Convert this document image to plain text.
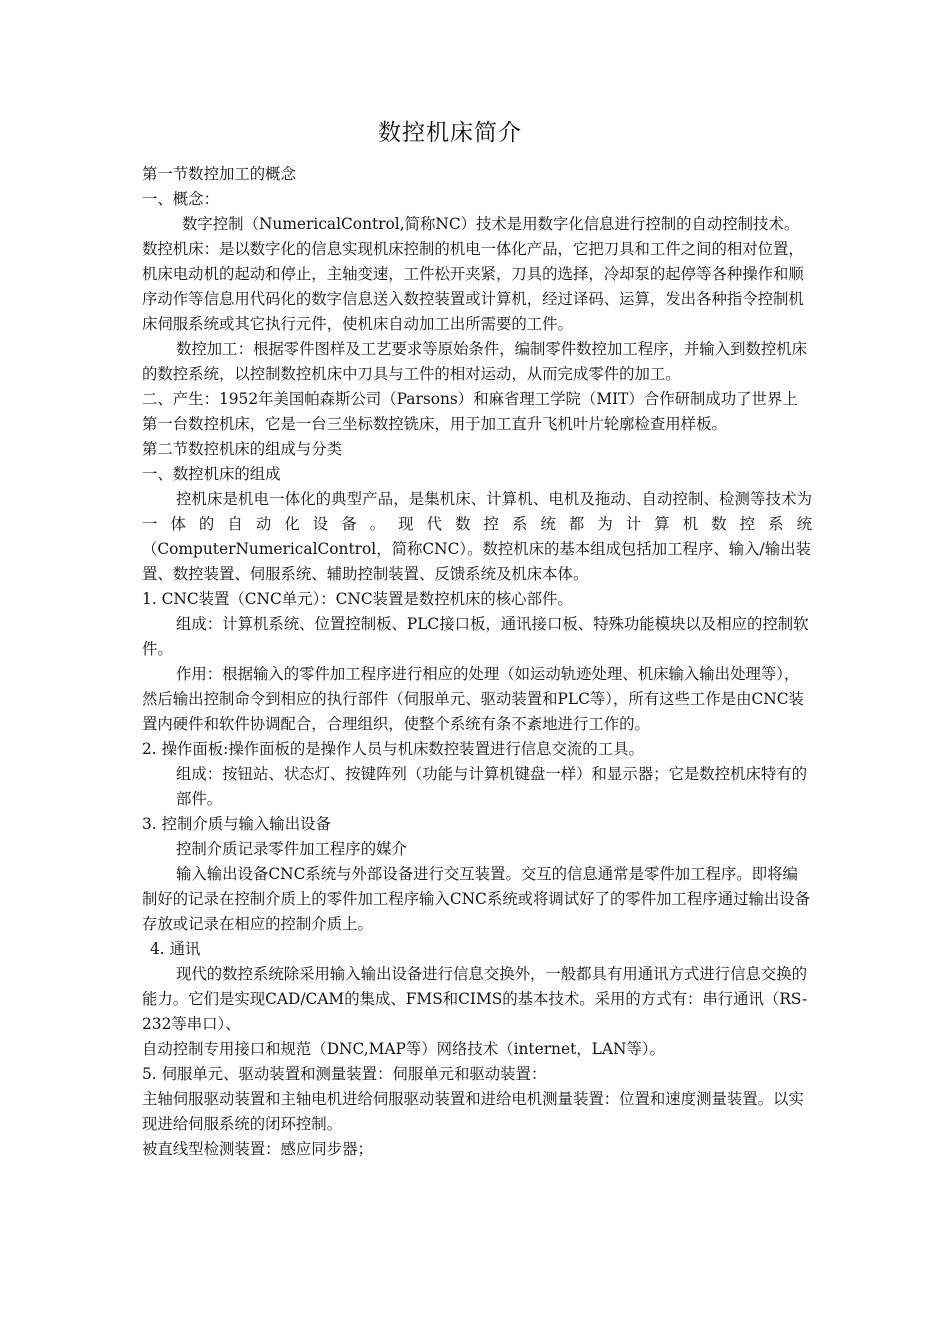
数控机床简介

第一节数控加工的概念

一、概念：

数字控制（NumericalControl,简称NC）技术是用数字化信息进行控制的自动控制技术。数控机床：是以数字化的信息实现机床控制的机电一体化产品，它把刀具和工件之间的相对位置，机床电动机的起动和停止，主轴变速，工件松开夹紧，刀具的选择，冷却泵的起停等各种操作和顺序动作等信息用代码化的数字信息送入数控装置或计算机，经过译码、运算，发出各种指令控制机床伺服系统或其它执行元件，使机床自动加工出所需要的工件。

数控加工：根据零件图样及工艺要求等原始条件，编制零件数控加工程序，并输入到数控机床的数控系统，以控制数控机床中刀具与工件的相对运动，从而完成零件的加工。

二、产生：1952年美国帕森斯公司（Parsons）和麻省理工学院（MIT）合作研制成功了世界上第一台数控机床，它是一台三坐标数控铣床，用于加工直升飞机叶片轮廓检查用样板。

第二节数控机床的组成与分类

一、数控机床的组成

控机床是机电一体化的典型产品，是集机床、计算机、电机及拖动、自动控制、检测等技术为一体的自动化设备。现代数控系统都为计算机数控系统

（ComputerNumericalControl，简称CNC）。数控机床的基本组成包括加工程序、输入/输出装置、数控装置、伺服系统、辅助控制装置、反馈系统及机床本体。

1. CNC装置（CNC单元）：CNC装置是数控机床的核心部件。

组成：计算机系统、位置控制板、PLC接口板，通讯接口板、特殊功能模块以及相应的控制软件。

作用：根据输入的零件加工程序进行相应的处理（如运动轨迹处理、机床输入输出处理等），然后输出控制命令到相应的执行部件（伺服单元、驱动装置和PLC等），所有这些工作是由CNC装置内硬件和软件协调配合，合理组织，使整个系统有条不紊地进行工作的。

2. 操作面板:操作面板的是操作人员与机床数控装置进行信息交流的工具。

组成：按钮站、状态灯、按键阵列（功能与计算机键盘一样）和显示器；它是数控机床特有的部件。

3. 控制介质与输入输出设备

控制介质记录零件加工程序的媒介

输入输出设备CNC系统与外部设备进行交互装置。交互的信息通常是零件加工程序。即将编制好的记录在控制介质上的零件加工程序输入CNC系统或将调试好了的零件加工程序通过输出设备存放或记录在相应的控制介质上。

4. 通讯

现代的数控系统除采用输入输出设备进行信息交换外，一般都具有用通讯方式进行信息交换的能力。它们是实现CAD/CAM的集成、FMS和CIMS的基本技术。采用的方式有：串行通讯（RS-232等串口）、

自动控制专用接口和规范（DNC,MAP等）网络技术（internet，LAN等）。

5. 伺服单元、驱动装置和测量装置：伺服单元和驱动装置：

主轴伺服驱动装置和主轴电机进给伺服驱动装置和进给电机测量装置：位置和速度测量装置。以实现进给伺服系统的闭环控制。

被直线型检测装置：感应同步器；
